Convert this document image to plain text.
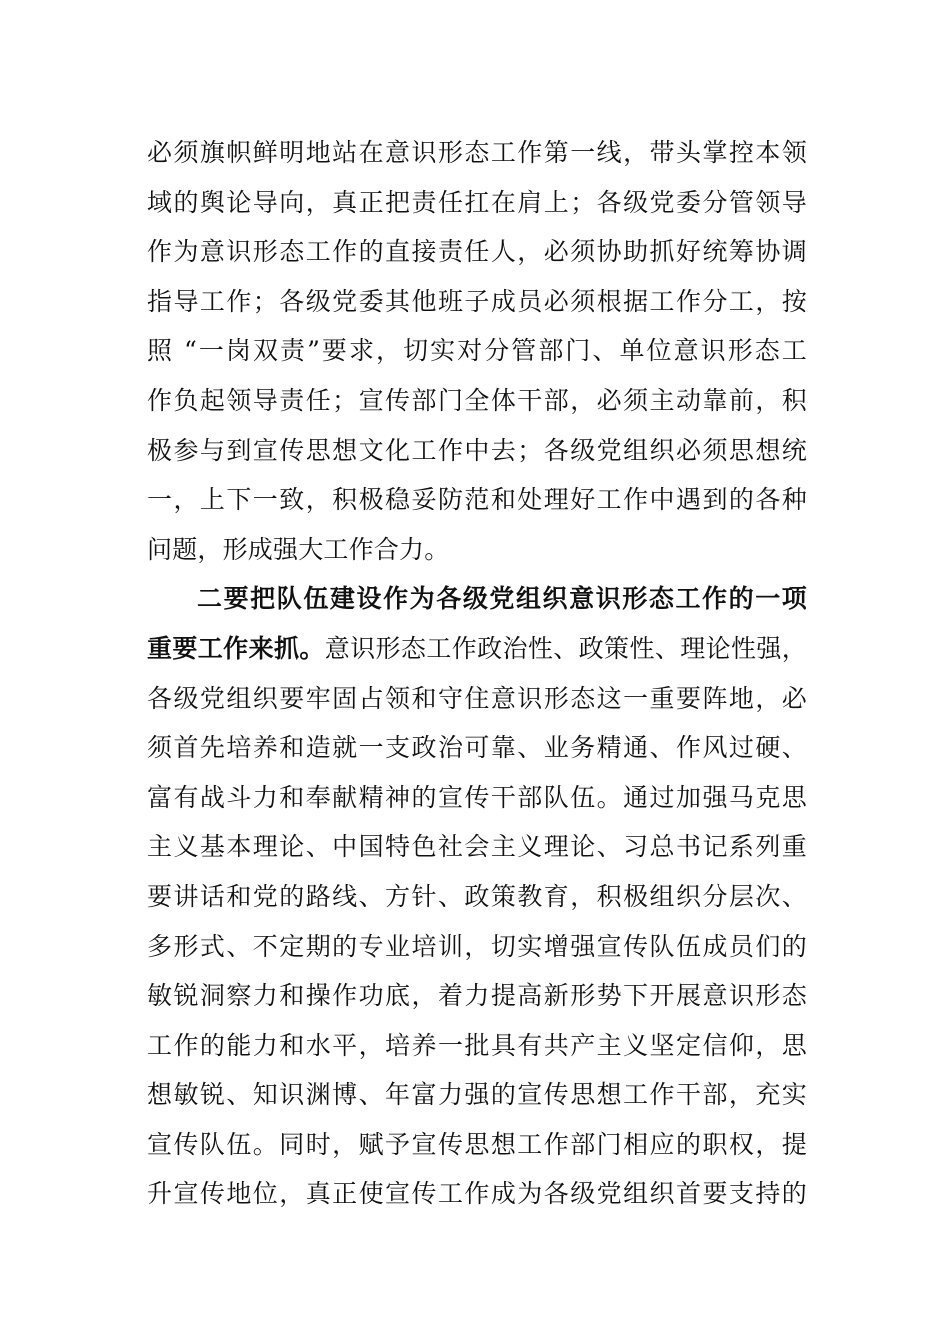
必须旗帜鲜明地站在意识形态工作第一线，带头掌控本领
域的舆论导向，真正把责任扛在肩上；各级党委分管领导
作为意识形态工作的直接责任人，必须协助抓好统筹协调
指导工作；各级党委其他班子成员必须根据工作分工，按
照 “一岗双责”要求，切实对分管部门、单位意识形态工
作负起领导责任；宣传部门全体干部，必须主动靠前，积
极参与到宣传思想文化工作中去；各级党组织必须思想统
一，上下一致，积极稳妥防范和处理好工作中遇到的各种
问题，形成强大工作合力。
二要把队伍建设作为各级党组织意识形态工作的一项
重要工作来抓。意识形态工作政治性、政策性、理论性强，
各级党组织要牢固占领和守住意识形态这一重要阵地，必
须首先培养和造就一支政治可靠、业务精通、作风过硬、
富有战斗力和奉献精神的宣传干部队伍。通过加强马克思
主义基本理论、中国特色社会主义理论、习总书记系列重
要讲话和党的路线、方针、政策教育，积极组织分层次、
多形式、不定期的专业培训，切实增强宣传队伍成员们的
敏锐洞察力和操作功底，着力提高新形势下开展意识形态
工作的能力和水平，培养一批具有共产主义坚定信仰，思
想敏锐、知识渊博、年富力强的宣传思想工作干部，充实
宣传队伍。同时，赋予宣传思想工作部门相应的职权，提
升宣传地位，真正使宣传工作成为各级党组织首要支持的
